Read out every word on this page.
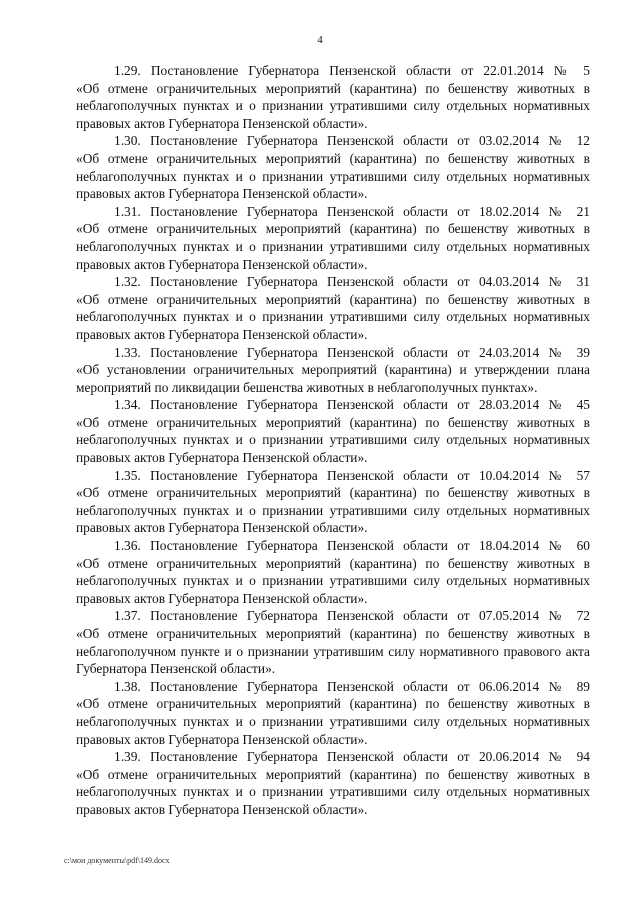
4

1.29. Постановление Губернатора Пензенской области от 22.01.2014 № 5
«Об отмене ограничительных мероприятий (карантина) по бешенству животных в неблагополучных пунктах и о признании утратившими силу отдельных нормативных правовых актов Губернатора Пензенской области».

1.30. Постановление Губернатора Пензенской области от 03.02.2014 № 12
«Об отмене ограничительных мероприятий (карантина) по бешенству животных в неблагополучных пунктах и о признании утратившими силу отдельных нормативных правовых актов Губернатора Пензенской области».

1.31. Постановление Губернатора Пензенской области от 18.02.2014 № 21
«Об отмене ограничительных мероприятий (карантина) по бешенству животных в неблагополучных пунктах и о признании утратившими силу отдельных нормативных правовых актов Губернатора Пензенской области».

1.32. Постановление Губернатора Пензенской области от 04.03.2014 № 31
«Об отмене ограничительных мероприятий (карантина) по бешенству животных в неблагополучных пунктах и о признании утратившими силу отдельных нормативных правовых актов Губернатора Пензенской области».

1.33. Постановление Губернатора Пензенской области от 24.03.2014 № 39
«Об установлении ограничительных мероприятий (карантина) и утверждении плана мероприятий по ликвидации бешенства животных в неблагополучных пунктах».

1.34. Постановление Губернатора Пензенской области от 28.03.2014 № 45
«Об отмене ограничительных мероприятий (карантина) по бешенству животных в неблагополучных пунктах и о признании утратившими силу отдельных нормативных правовых актов Губернатора Пензенской области».

1.35. Постановление Губернатора Пензенской области от 10.04.2014 № 57
«Об отмене ограничительных мероприятий (карантина) по бешенству животных в неблагополучных пунктах и о признании утратившими силу отдельных нормативных правовых актов Губернатора Пензенской области».

1.36. Постановление Губернатора Пензенской области от 18.04.2014 № 60
«Об отмене ограничительных мероприятий (карантина) по бешенству животных в неблагополучных пунктах и о признании утратившими силу отдельных нормативных правовых актов Губернатора Пензенской области».

1.37. Постановление Губернатора Пензенской области от 07.05.2014 № 72
«Об отмене ограничительных мероприятий (карантина) по бешенству животных в неблагополучном пункте и о признании утратившим силу нормативного правового акта Губернатора Пензенской области».

1.38. Постановление Губернатора Пензенской области от 06.06.2014 № 89
«Об отмене ограничительных мероприятий (карантина) по бешенству животных в неблагополучных пунктах и о признании утратившими силу отдельных нормативных правовых актов Губернатора Пензенской области».

1.39. Постановление Губернатора Пензенской области от 20.06.2014 № 94
«Об отмене ограничительных мероприятий (карантина) по бешенству животных в неблагополучных пунктах и о признании утратившими силу отдельных нормативных правовых актов Губернатора Пензенской области».

c:\мои документы\pdf\149.docx
